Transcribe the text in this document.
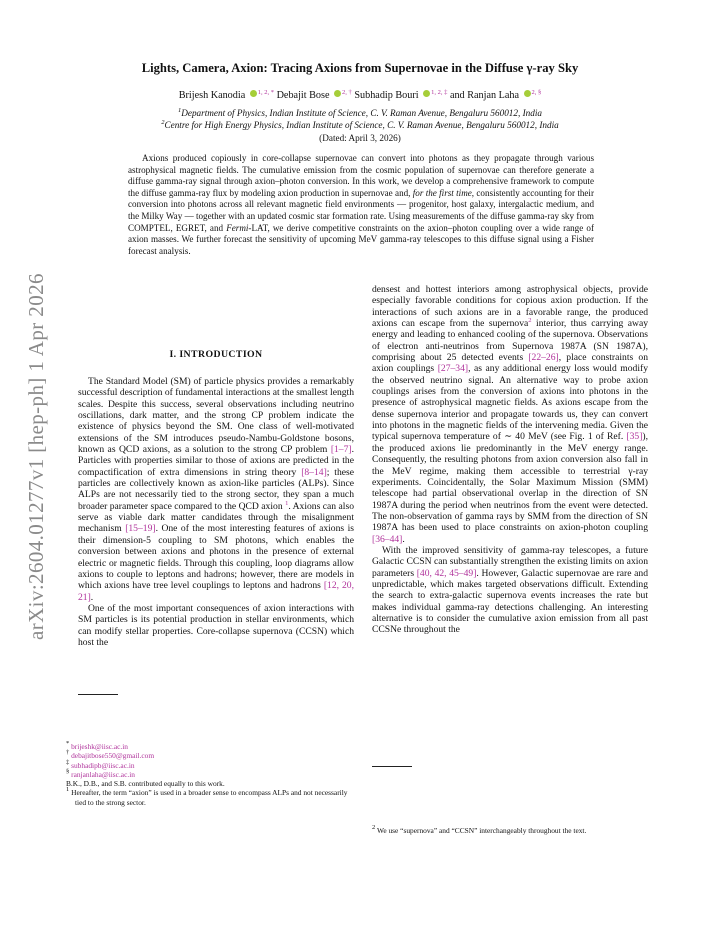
arXiv:2604.01277v1 [hep-ph] 1 Apr 2026
Lights, Camera, Axion: Tracing Axions from Supernovae in the Diffuse γ-ray Sky
Brijesh Kanodia $^{1, 2, *}$ Debajit Bose $^{2, \dagger}$ Subhadip Bouri $^{1, 2, \ddagger}$ and Ranjan Laha $^{2, \S}$
$^1$Department of Physics, Indian Institute of Science, C. V. Raman Avenue, Bengaluru 560012, India
$^2$Centre for High Energy Physics, Indian Institute of Science, C. V. Raman Avenue, Bengaluru 560012, India
(Dated: April 3, 2026)
Axions produced copiously in core-collapse supernovae can convert into photons as they propagate through various astrophysical magnetic fields. The cumulative emission from the cosmic population of supernovae can therefore generate a diffuse gamma-ray signal through axion–photon conversion. In this work, we develop a comprehensive framework to compute the diffuse gamma-ray flux by modeling axion production in supernovae and, for the first time, consistently accounting for their conversion into photons across all relevant magnetic field environments — progenitor, host galaxy, intergalactic medium, and the Milky Way — together with an updated cosmic star formation rate. Using measurements of the diffuse gamma-ray sky from COMPTEL, EGRET, and Fermi-LAT, we derive competitive constraints on the axion–photon coupling over a wide range of axion masses. We further forecast the sensitivity of upcoming MeV gamma-ray telescopes to this diffuse signal using a Fisher forecast analysis.
I. INTRODUCTION

The Standard Model (SM) of particle physics provides a remarkably successful description of fundamental interactions at the smallest length scales. Despite this success, several observations including neutrino oscillations, dark matter, and the strong CP problem indicate the existence of physics beyond the SM. One class of well-motivated extensions of the SM introduces pseudo-Nambu-Goldstone bosons, known as QCD axions, as a solution to the strong CP problem [1–7]. Particles with properties similar to those of axions are predicted in the compactification of extra dimensions in string theory [8–14]; these particles are collectively known as axion-like particles (ALPs). Since ALPs are not necessarily tied to the strong sector, they span a much broader parameter space compared to the QCD axion $^1$. Axions can also serve as viable dark matter candidates through the misalignment mechanism [15–19]. One of the most interesting features of axions is their dimension-5 coupling to SM photons, which enables the conversion between axions and photons in the presence of external electric or magnetic fields. Through this coupling, loop diagrams allow axions to couple to leptons and hadrons; however, there are models in which axions have tree level couplings to leptons and hadrons [12, 20, 21].

One of the most important consequences of axion interactions with SM particles is its potential production in stellar environments, which can modify stellar properties. Core-collapse supernova (CCSN) which host the

densest and hottest interiors among astrophysical objects, provide especially favorable conditions for copious axion production. If the interactions of such axions are in a favorable range, the produced axions can escape from the supernova$^2$ interior, thus carrying away energy and leading to enhanced cooling of the supernova. Observations of electron anti-neutrinos from Supernova 1987A (SN 1987A), comprising about 25 detected events [22–26], place constraints on axion couplings [27–34], as any additional energy loss would modify the observed neutrino signal. An alternative way to probe axion couplings arises from the conversion of axions into photons in the presence of astrophysical magnetic fields. As axions escape from the dense supernova interior and propagate towards us, they can convert into photons in the magnetic fields of the intervening media. Given the typical supernova temperature of ∼ 40 MeV (see Fig. 1 of Ref. [35]), the produced axions lie predominantly in the MeV energy range. Consequently, the resulting photons from axion conversion also fall in the MeV regime, making them accessible to terrestrial γ-ray experiments. Coincidentally, the Solar Maximum Mission (SMM) telescope had partial observational overlap in the direction of SN 1987A during the period when neutrinos from the event were detected. The non-observation of gamma rays by SMM from the direction of SN 1987A has been used to place constraints on axion-photon coupling [36–44].

With the improved sensitivity of gamma-ray telescopes, a future Galactic CCSN can substantially strengthen the existing limits on axion parameters [40, 42, 45–49]. However, Galactic supernovae are rare and unpredictable, which makes targeted observations difficult. Extending the search to extra-galactic supernova events increases the rate but makes individual gamma-ray detections challenging. An interesting alternative is to consider the cumulative axion emission from all past CCSNe throughout the

* brijeshk@iisc.ac.in
† debajitbose550@gmail.com
‡ subhadipb@iisc.ac.in
§ ranjanlaha@iisc.ac.in
B.K., D.B., and S.B. contributed equally to this work.
$^1$ Hereafter, the term “axion” is used in a broader sense to encompass ALPs and not necessarily tied to the strong sector.
$^2$ We use “supernova” and “CCSN” interchangeably throughout the text.
